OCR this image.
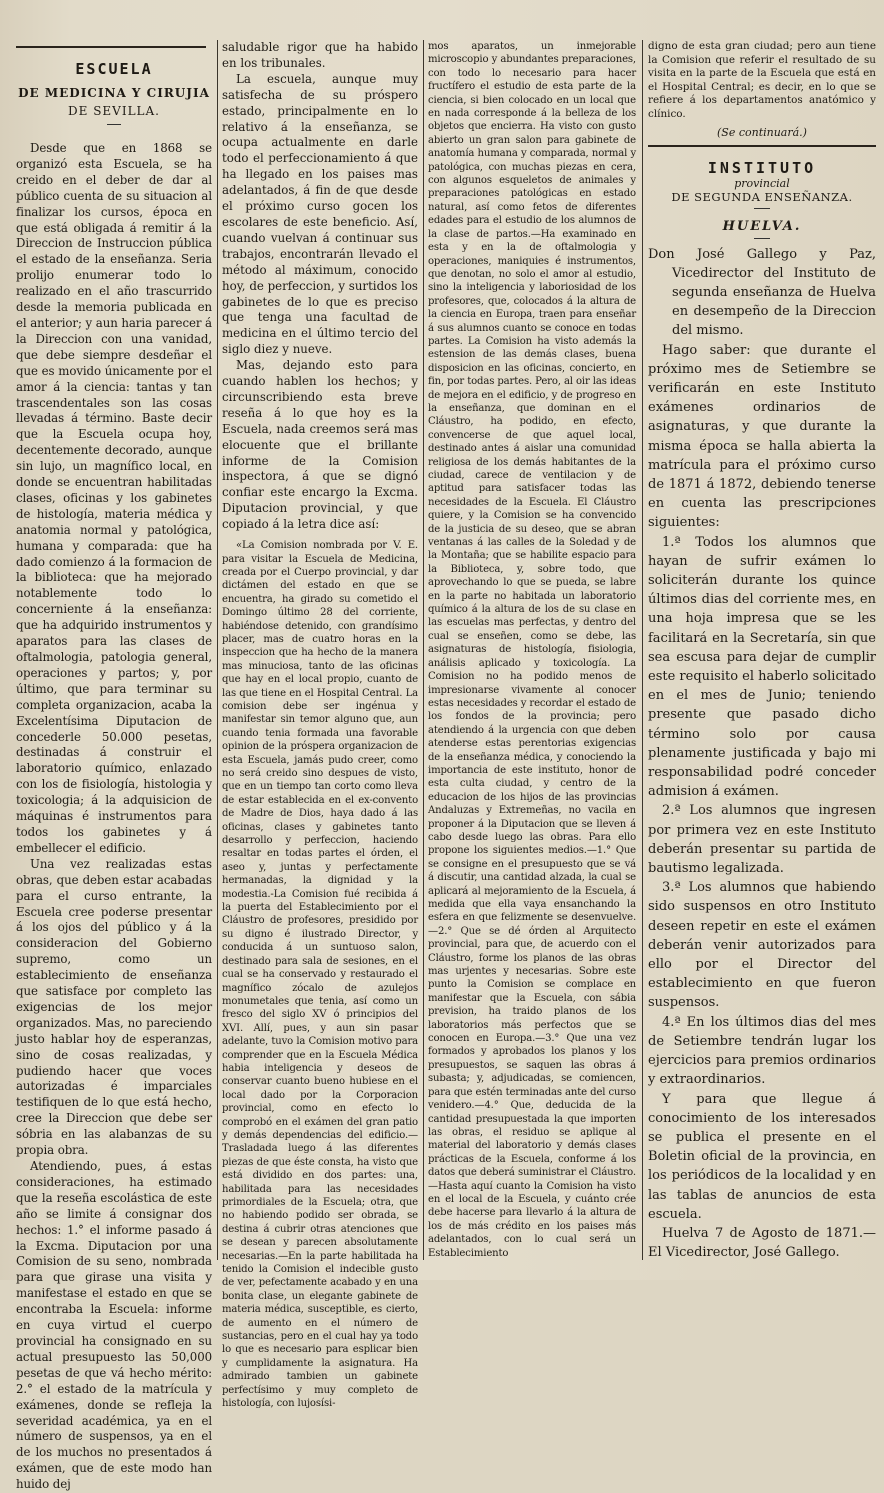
ESCUELA
DE MEDICINA Y CIRUJIA
DE SEVILLA.

Desde que en 1868 se organizó esta Escuela, se ha creido en el deber de dar al público cuenta de su situacion al finalizar los cursos, época en que está obligada á remitir á la Direccion de Instruccion pública el estado de la enseñanza. Seria prolijo enumerar todo lo realizado en el año trascurrido desde la memoria publicada en el anterior; y aun haria parecer á la Direccion con una vanidad, que debe siempre desdeñar el que es movido únicamente por el amor á la ciencia: tantas y tan trascendentales son las cosas llevadas á término. Baste decir que la Escuela ocupa hoy, decentemente decorado, aunque sin lujo, un magnífico local, en donde se encuentran habilitadas clases, oficinas y los gabinetes de histología, materia médica y anatomia normal y patológica, humana y comparada: que ha dado comienzo á la formacion de la biblioteca: que ha mejorado notablemente todo lo concerniente á la enseñanza: que ha adquirido instrumentos y aparatos para las clases de oftalmologia, patologia general, operaciones y partos; y, por último, que para terminar su completa organizacion, acaba la Excelentísima Diputacion de concederle 50.000 pesetas, destinadas á construir el laboratorio químico, enlazado con los de fisiología, histologia y toxicologia; á la adquisicion de máquinas é instrumentos para todos los gabinetes y á embellecer el edificio.

Una vez realizadas estas obras, que deben estar acabadas para el curso entrante, la Escuela cree poderse presentar á los ojos del público y á la consideracion del Gobierno supremo, como un establecimiento de enseñanza que satisface por completo las exigencias de los mejor organizados. Mas, no pareciendo justo hablar hoy de esperanzas, sino de cosas realizadas, y pudiendo hacer que voces autorizadas é imparciales testifiquen de lo que está hecho, cree la Direccion que debe ser sóbria en las alabanzas de su propia obra.

Atendiendo, pues, á estas consideraciones, ha estimado que la reseña escolástica de este año se limite á consignar dos hechos: 1.° el informe pasado á la Excma. Diputacion por una Comision de su seno, nombrada para que girase una visita y manifestase el estado en que se encontraba la Escuela: informe en cuya virtud el cuerpo provincial ha consignado en su actual presupuesto las 50,000 pesetas de que vá hecho mérito: 2.° el estado de la matrícula y exámenes, donde se refleja la severidad académica, ya en el número de suspensos, ya en el de los muchos no presentados á exámen, que de este modo han huido dej

saludable rigor que ha habido en los tribunales.

La escuela, aunque muy satisfecha de su próspero estado, principalmente en lo relativo á la enseñanza, se ocupa actualmente en darle todo el perfeccionamiento á que ha llegado en los paises mas adelantados, á fin de que desde el próximo curso gocen los escolares de este beneficio. Así, cuando vuelvan á continuar sus trabajos, encontrarán llevado el método al máximum, conocido hoy, de perfeccion, y surtidos los gabinetes de lo que es preciso que tenga una facultad de medicina en el último tercio del siglo diez y nueve.

Mas, dejando esto para cuando hablen los hechos; y circunscribiendo esta breve reseña á lo que hoy es la Escuela, nada creemos será mas elocuente que el brillante informe de la Comision inspectora, á que se dignó confiar este encargo la Excma. Diputacion provincial, y que copiado á la letra dice así:

«La Comision nombrada por V. E. para visitar la Escuela de Medicina, creada por el Cuerpo provincial, y dar dictámen del estado en que se encuentra, ha girado su cometido el Domingo último 28 del corriente, habiéndose detenido, con grandísimo placer, mas de cuatro horas en la inspeccion que ha hecho de la manera mas minuciosa, tanto de las oficinas que hay en el local propio, cuanto de las que tiene en el Hospital Central. La comision debe ser ingénua y manifestar sin temor alguno que, aun cuando tenia formada una favorable opinion de la próspera organizacion de esta Escuela, jamás pudo creer, como no será creido sino despues de visto, que en un tiempo tan corto como lleva de estar establecida en el ex-convento de Madre de Dios, haya dado á las oficinas, clases y gabinetes tanto desarrollo y perfeccion, haciendo resaltar en todas partes el órden, el aseo y, juntas y perfectamente hermanadas, la dignidad y la modestia.-La Comision fué recibida á la puerta del Establecimiento por el Cláustro de profesores, presidido por su digno é ilustrado Director, y conducida á un suntuoso salon, destinado para sala de sesiones, en el cual se ha conservado y restaurado el magnífico zócalo de azulejos monumetales que tenia, así como un fresco del siglo XV ó principios del XVI. Allí, pues, y aun sin pasar adelante, tuvo la Comision motivo para comprender que en la Escuela Médica habia inteligencia y deseos de conservar cuanto bueno hubiese en el local dado por la Corporacion provincial, como en efecto lo comprobó en el exámen del gran patio y demás dependencias del edificio.—Trasladada luego á las diferentes piezas de que éste consta, ha visto que está dividido en dos partes: una, habilitada para las necesidades primordiales de la Escuela; otra, que no habiendo podido ser obrada, se destina á cubrir otras atenciones que se desean y parecen absolutamente necesarias.—En la parte habilitada ha tenido la Comision el indecible gusto de ver, pefectamente acabado y en una bonita clase, un elegante gabinete de materia médica, susceptible, es cierto, de aumento en el número de sustancias, pero en el cual hay ya todo lo que es necesario para esplicar bien y cumplidamente la asignatura. Ha admirado tambien un gabinete perfectísimo y muy completo de histología, con lujosísi-

mos aparatos, un inmejorable microscopio y abundantes preparaciones, con todo lo necesario para hacer fructífero el estudio de esta parte de la ciencia, si bien colocado en un local que en nada corresponde á la belleza de los objetos que encierra. Ha visto con gusto abierto un gran salon para gabinete de anatomía humana y comparada, normal y patológica, con muchas piezas en cera, con algunos esqueletos de animales y preparaciones patológicas en estado natural, así como fetos de diferentes edades para el estudio de los alumnos de la clase de partos.—Ha examinado en esta y en la de oftalmologia y operaciones, maniquies é instrumentos, que denotan, no solo el amor al estudio, sino la inteligencia y laboriosidad de los profesores, que, colocados á la altura de la ciencia en Europa, traen para enseñar á sus alumnos cuanto se conoce en todas partes. La Comision ha visto además la estension de las demás clases, buena disposicion en las oficinas, concierto, en fin, por todas partes. Pero, al oir las ideas de mejora en el edificio, y de progreso en la enseñanza, que dominan en el Cláustro, ha podido, en efecto, convencerse de que aquel local, destinado antes á aislar una comunidad religiosa de los demás habitantes de la ciudad, carece de ventilacion y de aptitud para satisfacer todas las necesidades de la Escuela. El Cláustro quiere, y la Comision se ha convencido de la justicia de su deseo, que se abran ventanas á las calles de la Soledad y de la Montaña; que se habilite espacio para la Biblioteca, y, sobre todo, que aprovechando lo que se pueda, se labre en la parte no habitada un laboratorio químico á la altura de los de su clase en las escuelas mas perfectas, y dentro del cual se enseñen, como se debe, las asignaturas de histología, fisiologia, análisis aplicado y toxicología. La Comision no ha podido menos de impresionarse vivamente al conocer estas necesidades y recordar el estado de los fondos de la provincia; pero atendiendo á la urgencia con que deben atenderse estas perentorias exigencias de la enseñanza médica, y conociendo la importancia de este instituto, honor de esta culta ciudad, y centro de la educacion de los hijos de las provincias Andaluzas y Extremeñas, no vacila en proponer á la Diputacion que se lleven á cabo desde luego las obras. Para ello propone los siguientes medios.—1.° Que se consigne en el presupuesto que se vá á discutir, una cantidad alzada, la cual se aplicará al mejoramiento de la Escuela, á medida que ella vaya ensanchando la esfera en que felizmente se desenvuelve.—2.° Que se dé órden al Arquitecto provincial, para que, de acuerdo con el Cláustro, forme los planos de las obras mas urjentes y necesarias. Sobre este punto la Comision se complace en manifestar que la Escuela, con sábia prevision, ha traido planos de los laboratorios más perfectos que se conocen en Europa.—3.° Que una vez formados y aprobados los planos y los presupuestos, se saquen las obras á subasta; y, adjudicadas, se comiencen, para que estén terminadas ante del curso venidero.—4.° Que, deducida de la cantidad presupuestada la que importen las obras, el residuo se aplique al material del laboratorio y demás clases prácticas de la Escuela, conforme á los datos que deberá suministrar el Cláustro.—Hasta aquí cuanto la Comision ha visto en el local de la Escuela, y cuánto crée debe hacerse para llevarlo á la altura de los de más crédito en los paises más adelantados, con lo cual será un Establecimiento

digno de esta gran ciudad; pero aun tiene la Comision que referir el resultado de su visita en la parte de la Escuela que está en el Hospital Central; es decir, en lo que se refiere á los departamentos anatómico y clínico.

(Se continuará.)
INSTITUTO
provincial
DE SEGUNDA ENSEÑANZA.
HUELVA.

Don José Gallego y Paz, Vicedirector del Instituto de segunda enseñanza de Huelva en desempeño de la Direccion del mismo.

Hago saber: que durante el próximo mes de Setiembre se verificarán en este Instituto exámenes ordinarios de asignaturas, y que durante la misma época se halla abierta la matrícula para el próximo curso de 1871 á 1872, debiendo tenerse en cuenta las prescripciones siguientes:

1.ª Todos los alumnos que hayan de sufrir exámen lo soliciterán durante los quince últimos dias del corriente mes, en una hoja impresa que se les facilitará en la Secretaría, sin que sea escusa para dejar de cumplir este requisito el haberlo solicitado en el mes de Junio; teniendo presente que pasado dicho término solo por causa plenamente justificada y bajo mi responsabilidad podré conceder admision á exámen.

2.ª Los alumnos que ingresen por primera vez en este Instituto deberán presentar su partida de bautismo legalizada.

3.ª Los alumnos que habiendo sido suspensos en otro Instituto deseen repetir en este el exámen deberán venir autorizados para ello por el Director del establecimiento en que fueron suspensos.

4.ª En los últimos dias del mes de Setiembre tendrán lugar los ejercicios para premios ordinarios y extraordinarios.

Y para que llegue á conocimiento de los interesados se publica el presente en el Boletin oficial de la provincia, en los periódicos de la localidad y en las tablas de anuncios de esta escuela.

Huelva 7 de Agosto de 1871.—El Vicedirector, José Gallego.
